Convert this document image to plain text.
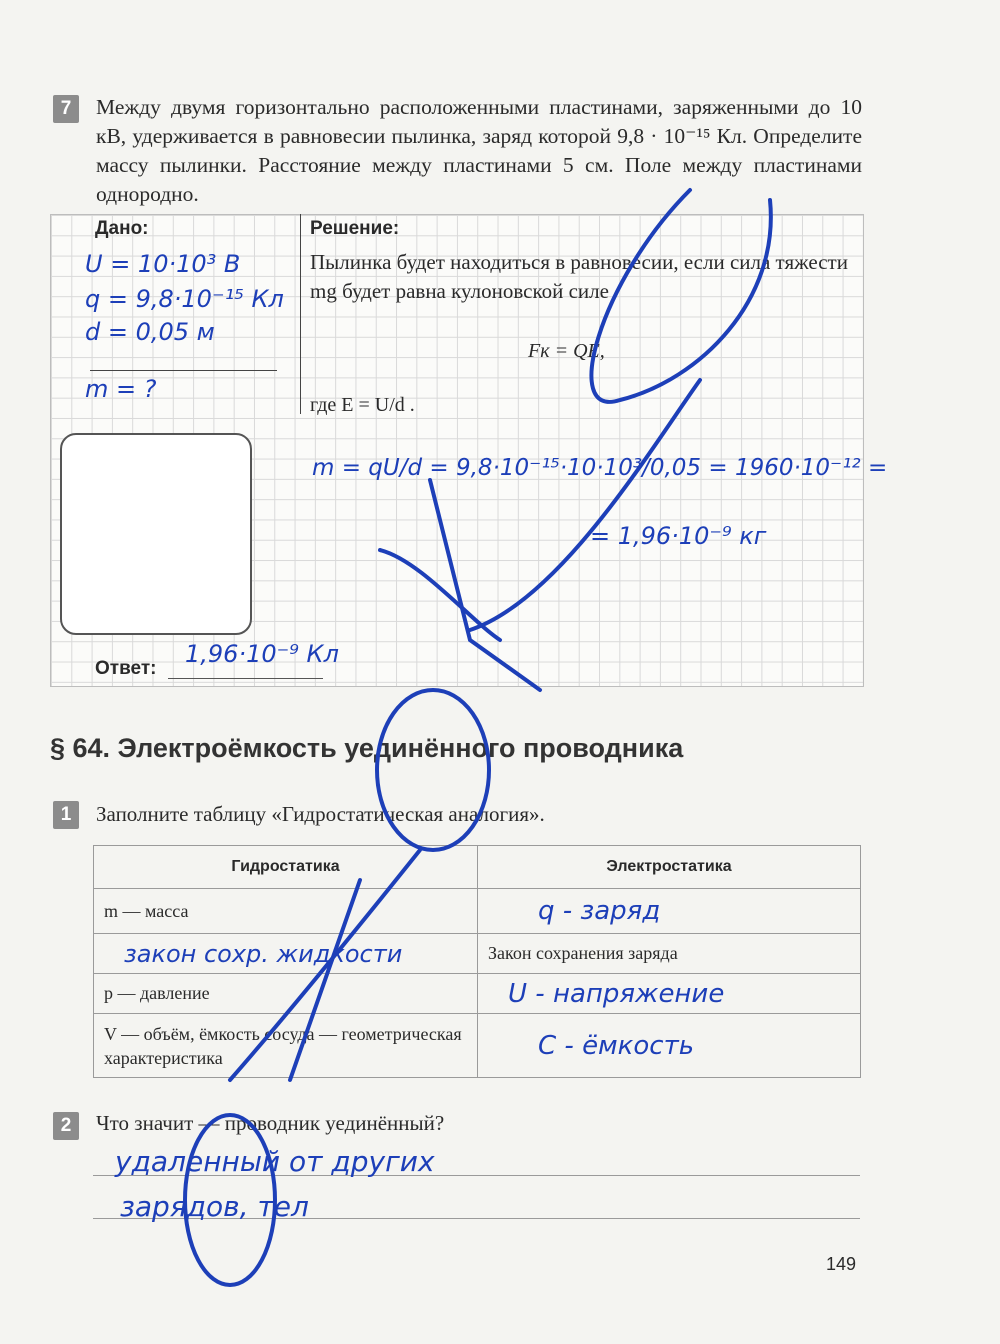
7	Между двумя горизонтально расположенными пластинами, заряженными до 10 кВ, удерживается в равновесии пылинка, заряд которой 9,8 · 10⁻¹⁵ Кл. Определите массу пылинки. Расстояние между пластинами 5 см. Поле между пластинами однородно.
Дано:	Решение:
Пылинка будет находиться в равновесии, если сила тяжести mg будет равна кулоновской силе
Fк = QE,
где E = U/d .
U = 10·10³ В
q = 9,8·10⁻¹⁵ Кл
d = 0,05 м
m = ?
m = qU/d = 9,8·10⁻¹⁵·10·10³/0,05 = 1960·10⁻¹² =
= 1,96·10⁻⁹ кг
Ответ:
1,96·10⁻⁹ Кл
§ 64. Электроёмкость уединённого проводника
1	Заполните таблицу «Гидростатическая аналогия».
Гидростатика	Электростатика
m — масса	q - заряд
закон сохр. жидкости	Закон сохранения заряда
p — давление	U - напряжение
V — объём, ёмкость сосуда — геометрическая характеристика	C - ёмкость
2	Что значит — проводник уединённый?
удаленный от других
зарядов, тел
149
